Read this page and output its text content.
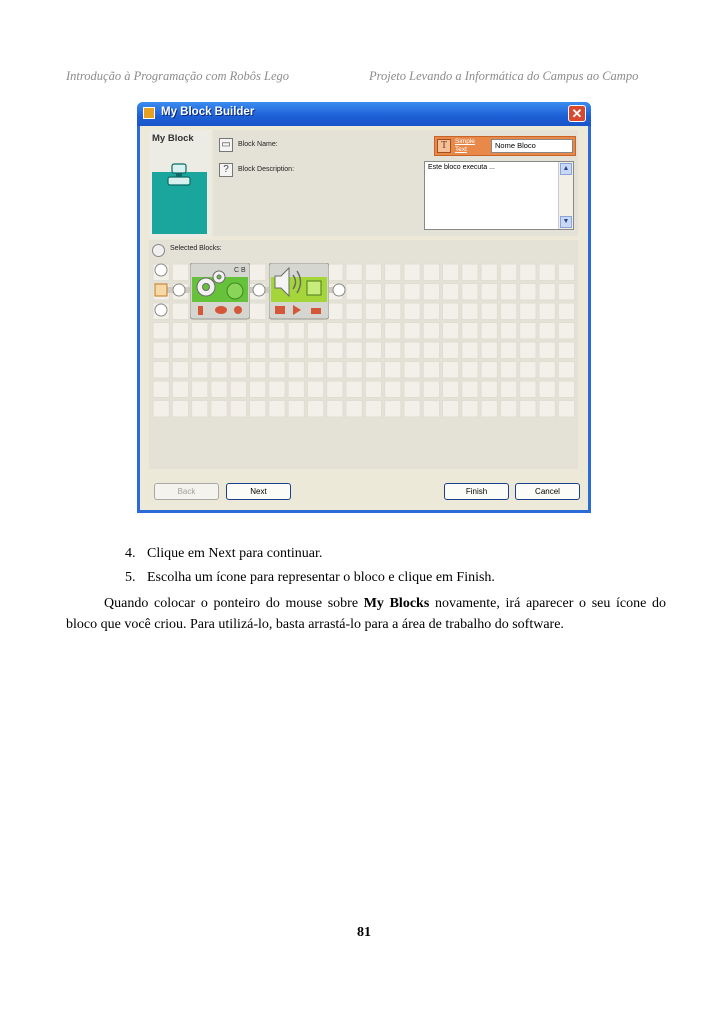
Introdução à Programação com Robôs Lego	Projeto Levando a Informática do Campus ao Campo
My Block Builder	✕
My Block
▭	Block Name:	T	Simple
Text	Nome Bloco
?	Block Description:	Este bloco executa ...	▲
▼
Selected Blocks:
C B
Back	Next	Finish	Cancel
4. Clique em Next para continuar.
5. Escolha um ícone para representar o bloco e clique em Finish.
Quando colocar o ponteiro do mouse sobre My Blocks novamente, irá aparecer o seu ícone do bloco que você criou. Para utilizá-lo, basta arrastá-lo para a área de trabalho do software.
81
